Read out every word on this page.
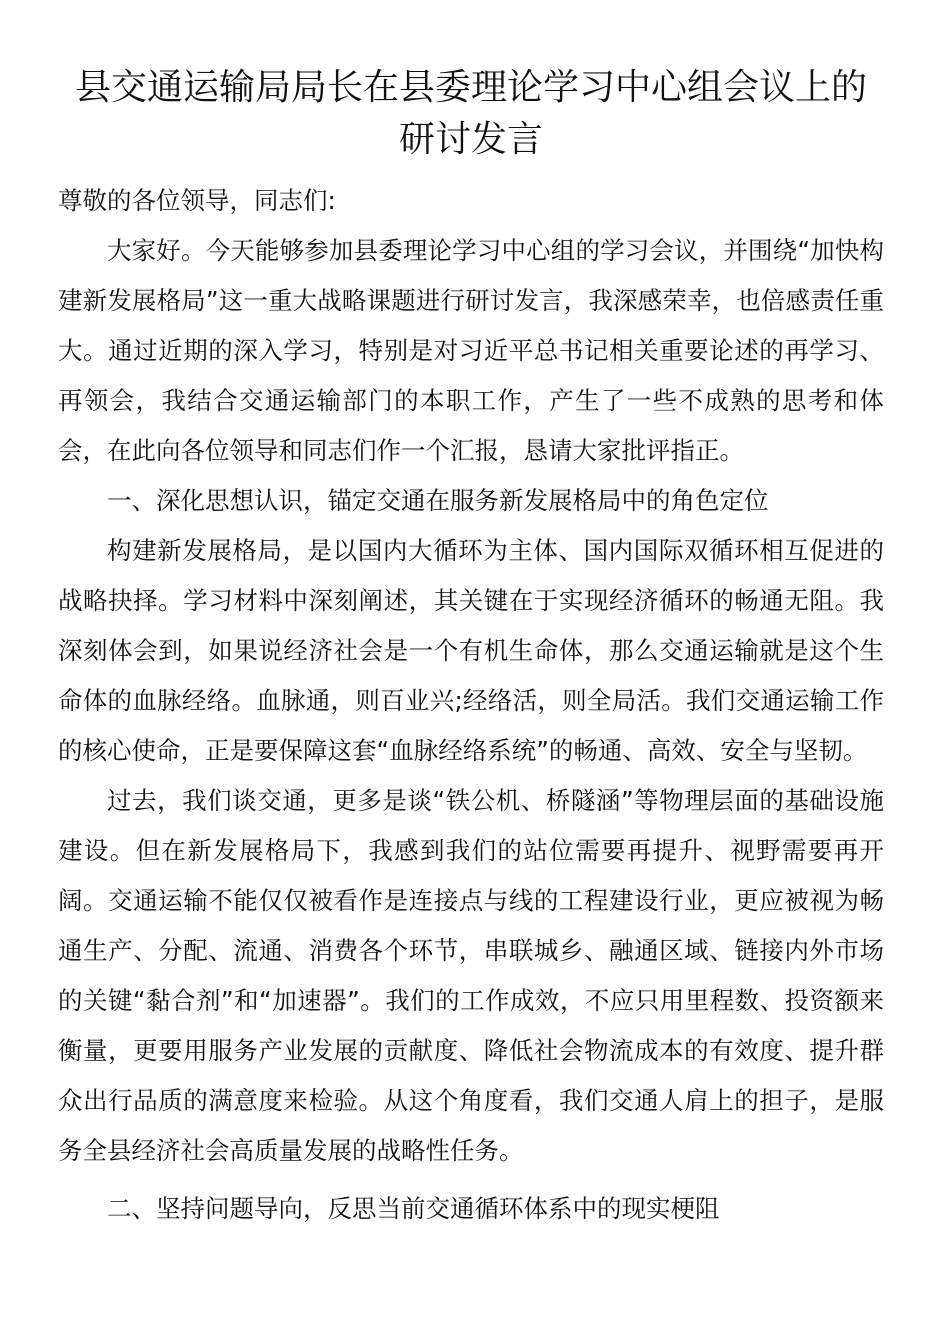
县交通运输局局长在县委理论学习中心组会议上的研讨发言

尊敬的各位领导，同志们:

大家好。今天能够参加县委理论学习中心组的学习会议，并围绕“加快构建新发展格局”这一重大战略课题进行研讨发言，我深感荣幸，也倍感责任重大。通过近期的深入学习，特别是对习近平总书记相关重要论述的再学习、再领会，我结合交通运输部门的本职工作，产生了一些不成熟的思考和体会，在此向各位领导和同志们作一个汇报，恳请大家批评指正。

一、深化思想认识，锚定交通在服务新发展格局中的角色定位

构建新发展格局，是以国内大循环为主体、国内国际双循环相互促进的战略抉择。学习材料中深刻阐述，其关键在于实现经济循环的畅通无阻。我深刻体会到，如果说经济社会是一个有机生命体，那么交通运输就是这个生命体的血脉经络。血脉通，则百业兴;经络活，则全局活。我们交通运输工作的核心使命，正是要保障这套“血脉经络系统”的畅通、高效、安全与坚韧。

过去，我们谈交通，更多是谈“铁公机、桥隧涵”等物理层面的基础设施建设。但在新发展格局下，我感到我们的站位需要再提升、视野需要再开阔。交通运输不能仅仅被看作是连接点与线的工程建设行业，更应被视为畅通生产、分配、流通、消费各个环节，串联城乡、融通区域、链接内外市场的关键“黏合剂”和“加速器”。我们的工作成效，不应只用里程数、投资额来衡量，更要用服务产业发展的贡献度、降低社会物流成本的有效度、提升群众出行品质的满意度来检验。从这个角度看，我们交通人肩上的担子，是服务全县经济社会高质量发展的战略性任务。

二、坚持问题导向，反思当前交通循环体系中的现实梗阻
